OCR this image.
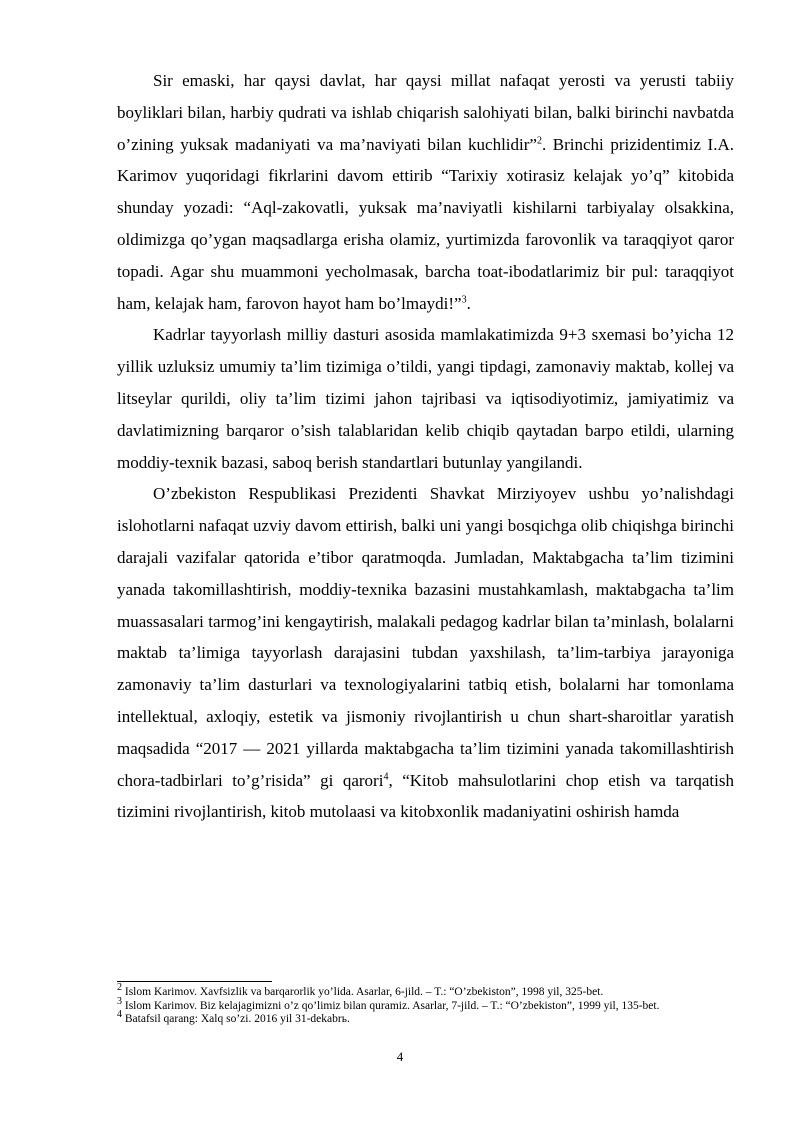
Sir emaski, har qaysi davlat, har qaysi millat nafaqat yerosti va yerusti tabiiy boyliklari bilan, harbiy qudrati va ishlab chiqarish salohiyati bilan, balki birinchi navbatda o’zining yuksak madaniyati va ma’naviyati bilan kuchlidir”$^2$. Brinchi prizidentimiz I.A. Karimov yuqoridagi fikrlarini davom ettirib “Tarixiy xotirasiz kelajak yo’q” kitobida shunday yozadi: “Aql-zakovatli, yuksak ma’naviyatli kishilarni tarbiyalay olsakkina, oldimizga qo’ygan maqsadlarga erisha olamiz, yurtimizda farovonlik va taraqqiyot qaror topadi. Agar shu muammoni yecholmasak, barcha toat-ibodatlarimiz bir pul: taraqqiyot ham, kelajak ham, farovon hayot ham bo’lmaydi!”$^3$.

Kadrlar tayyorlash milliy dasturi asosida mamlakatimizda 9+3 sxemasi bo’yicha 12 yillik uzluksiz umumiy ta’lim tizimiga o’tildi, yangi tipdagi, zamonaviy maktab, kollej va litseylar qurildi, oliy ta’lim tizimi jahon tajribasi va iqtisodiyotimiz, jamiyatimiz va davlatimizning barqaror o’sish talablaridan kelib chiqib qaytadan barpo etildi, ularning moddiy-texnik bazasi, saboq berish standartlari butunlay yangilandi.

O’zbekiston Respublikasi Prezidenti Shavkat Mirziyoyev ushbu yo’nalishdagi islohotlarni nafaqat uzviy davom ettirish, balki uni yangi bosqichga olib chiqishga birinchi darajali vazifalar qatorida e’tibor qaratmoqda. Jumladan, Maktabgacha ta’lim tizimini yanada takomillashtirish, moddiy-texnika bazasini mustahkamlash, maktabgacha ta’lim muassasalari tarmog’ini kengaytirish, malakali pedagog kadrlar bilan ta’minlash, bolalarni maktab ta’limiga tayyorlash darajasini tubdan yaxshilash, ta’lim-tarbiya jarayoniga zamonaviy ta’lim dasturlari va texnologiyalarini tatbiq etish, bolalarni har tomonlama intellektual, axloqiy, estetik va jismoniy rivojlantirish u chun shart-sharoitlar yaratish maqsadida “2017 — 2021 yillarda maktabgacha ta’lim tizimini yanada takomillashtirish chora-tadbirlari to’g’risida” gi qarori$^4$, “Kitob mahsulotlarini chop etish va tarqatish tizimini rivojlantirish, kitob mutolaasi va kitobxonlik madaniyatini oshirish hamda

$^2$ Islom Karimov. Xavfsizlik va barqarorlik yo’lida. Asarlar, 6-jild. – T.: “O’zbekiston”, 1998 yil, 325-bet.
$^3$ Islom Karimov. Biz kelajagimizni o’z qo’limiz bilan quramiz. Asarlar, 7-jild. – T.: “O’zbekiston”, 1999 yil, 135-bet.
$^4$ Batafsil qarang: Xalq so’zi. 2016 yil 31-dekabrь.
4
